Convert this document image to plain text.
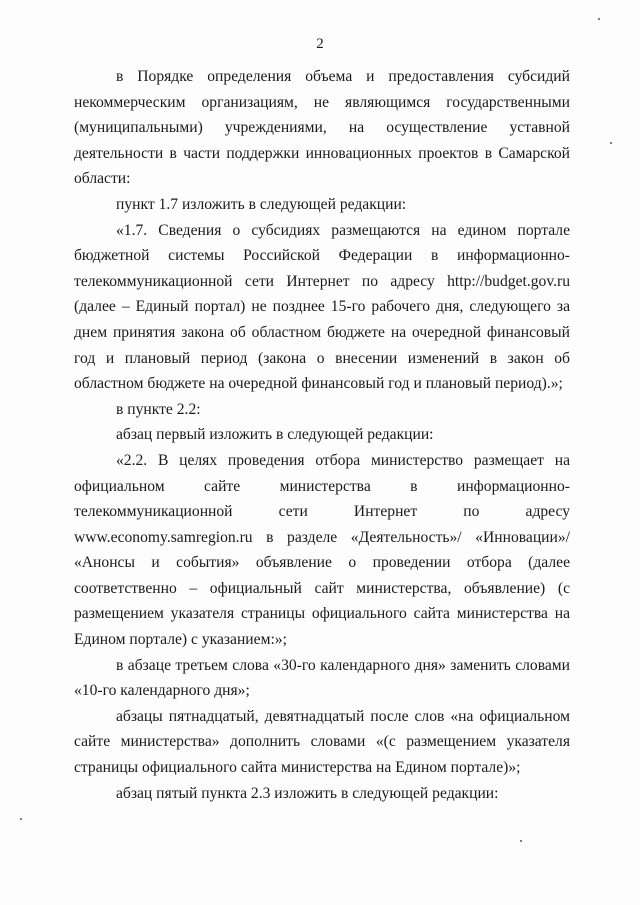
2

в Порядке определения объема и предоставления субсидий некоммерческим организациям, не являющимся государственными (муниципальными) учреждениями, на осуществление уставной деятельности в части поддержки инновационных проектов в Самарской области:

пункт 1.7 изложить в следующей редакции:

«1.7. Сведения о субсидиях размещаются на едином портале бюджетной системы Российской Федерации в информационно-телекоммуникационной сети Интернет по адресу http://budget.gov.ru (далее – Единый портал) не позднее 15-го рабочего дня, следующего за днем принятия закона об областном бюджете на очередной финансовый год и плановый период (закона о внесении изменений в закон об областном бюджете на очередной финансовый год и плановый период).»;

в пункте 2.2:

абзац первый изложить в следующей редакции:

«2.2. В целях проведения отбора министерство размещает на официальном сайте министерства в информационно-телекоммуникационной сети Интернет по адресу www.economy.samregion.ru в разделе «Деятельность»/ «Инновации»/ «Анонсы и события» объявление о проведении отбора (далее соответственно – официальный сайт министерства, объявление) (с размещением указателя страницы официального сайта министерства на Едином портале) с указанием:»;

в абзаце третьем слова «30-го календарного дня» заменить словами «10-го календарного дня»;

абзацы пятнадцатый, девятнадцатый после слов «на официальном сайте министерства» дополнить словами «(с размещением указателя страницы официального сайта министерства на Едином портале)»;

абзац пятый пункта 2.3 изложить в следующей редакции:
